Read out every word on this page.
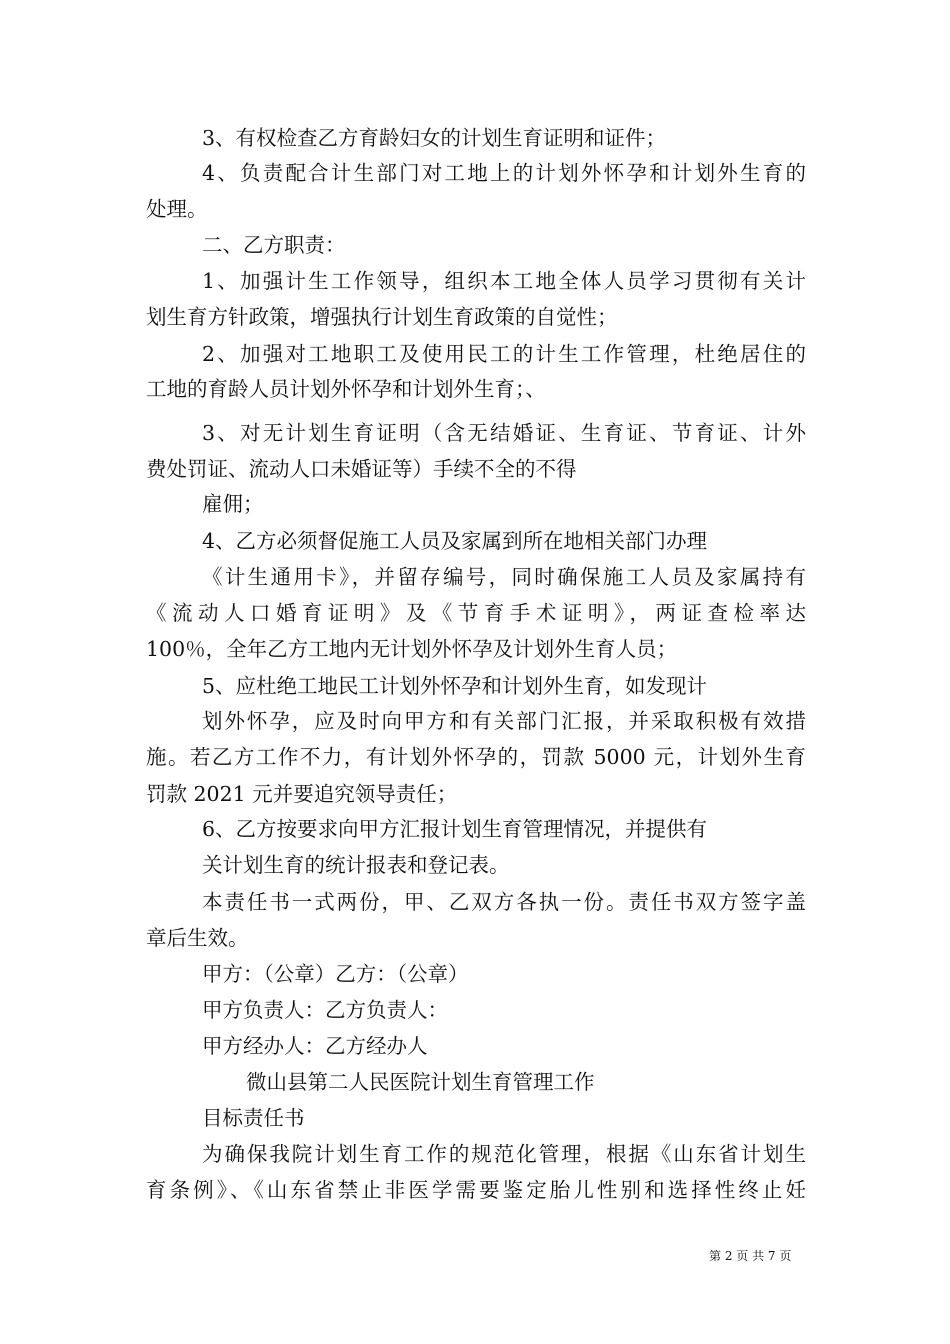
3、有权检查乙方育龄妇女的计划生育证明和证件；
4、负责配合计生部门对工地上的计划外怀孕和计划外生育的
处理。
二、乙方职责：
1、加强计生工作领导，组织本工地全体人员学习贯彻有关计
划生育方针政策，增强执行计划生育政策的自觉性；
2、加强对工地职工及使用民工的计生工作管理，杜绝居住的
工地的育龄人员计划外怀孕和计划外生育；、
3、对无计划生育证明（含无结婚证、生育证、节育证、计外
费处罚证、流动人口未婚证等）手续不全的不得
雇佣；
4、乙方必须督促施工人员及家属到所在地相关部门办理
《计生通用卡》，并留存编号，同时确保施工人员及家属持有
《流动人口婚育证明》及《节育手术证明》，两证查检率达
100％，全年乙方工地内无计划外怀孕及计划外生育人员；
5、应杜绝工地民工计划外怀孕和计划外生育，如发现计
划外怀孕，应及时向甲方和有关部门汇报，并采取积极有效措
施。若乙方工作不力，有计划外怀孕的，罚款 5000 元，计划外生育
罚款 2021 元并要追究领导责任；
6、乙方按要求向甲方汇报计划生育管理情况，并提供有
关计划生育的统计报表和登记表。
本责任书一式两份，甲、乙双方各执一份。责任书双方签字盖
章后生效。
甲方：（公章）乙方：（公章）
甲方负责人：乙方负责人：
甲方经办人：乙方经办人
微山县第二人民医院计划生育管理工作
目标责任书
为确保我院计划生育工作的规范化管理，根据《山东省计划生
育条例》、《山东省禁止非医学需要鉴定胎儿性别和选择性终止妊
第 2 页 共 7 页
